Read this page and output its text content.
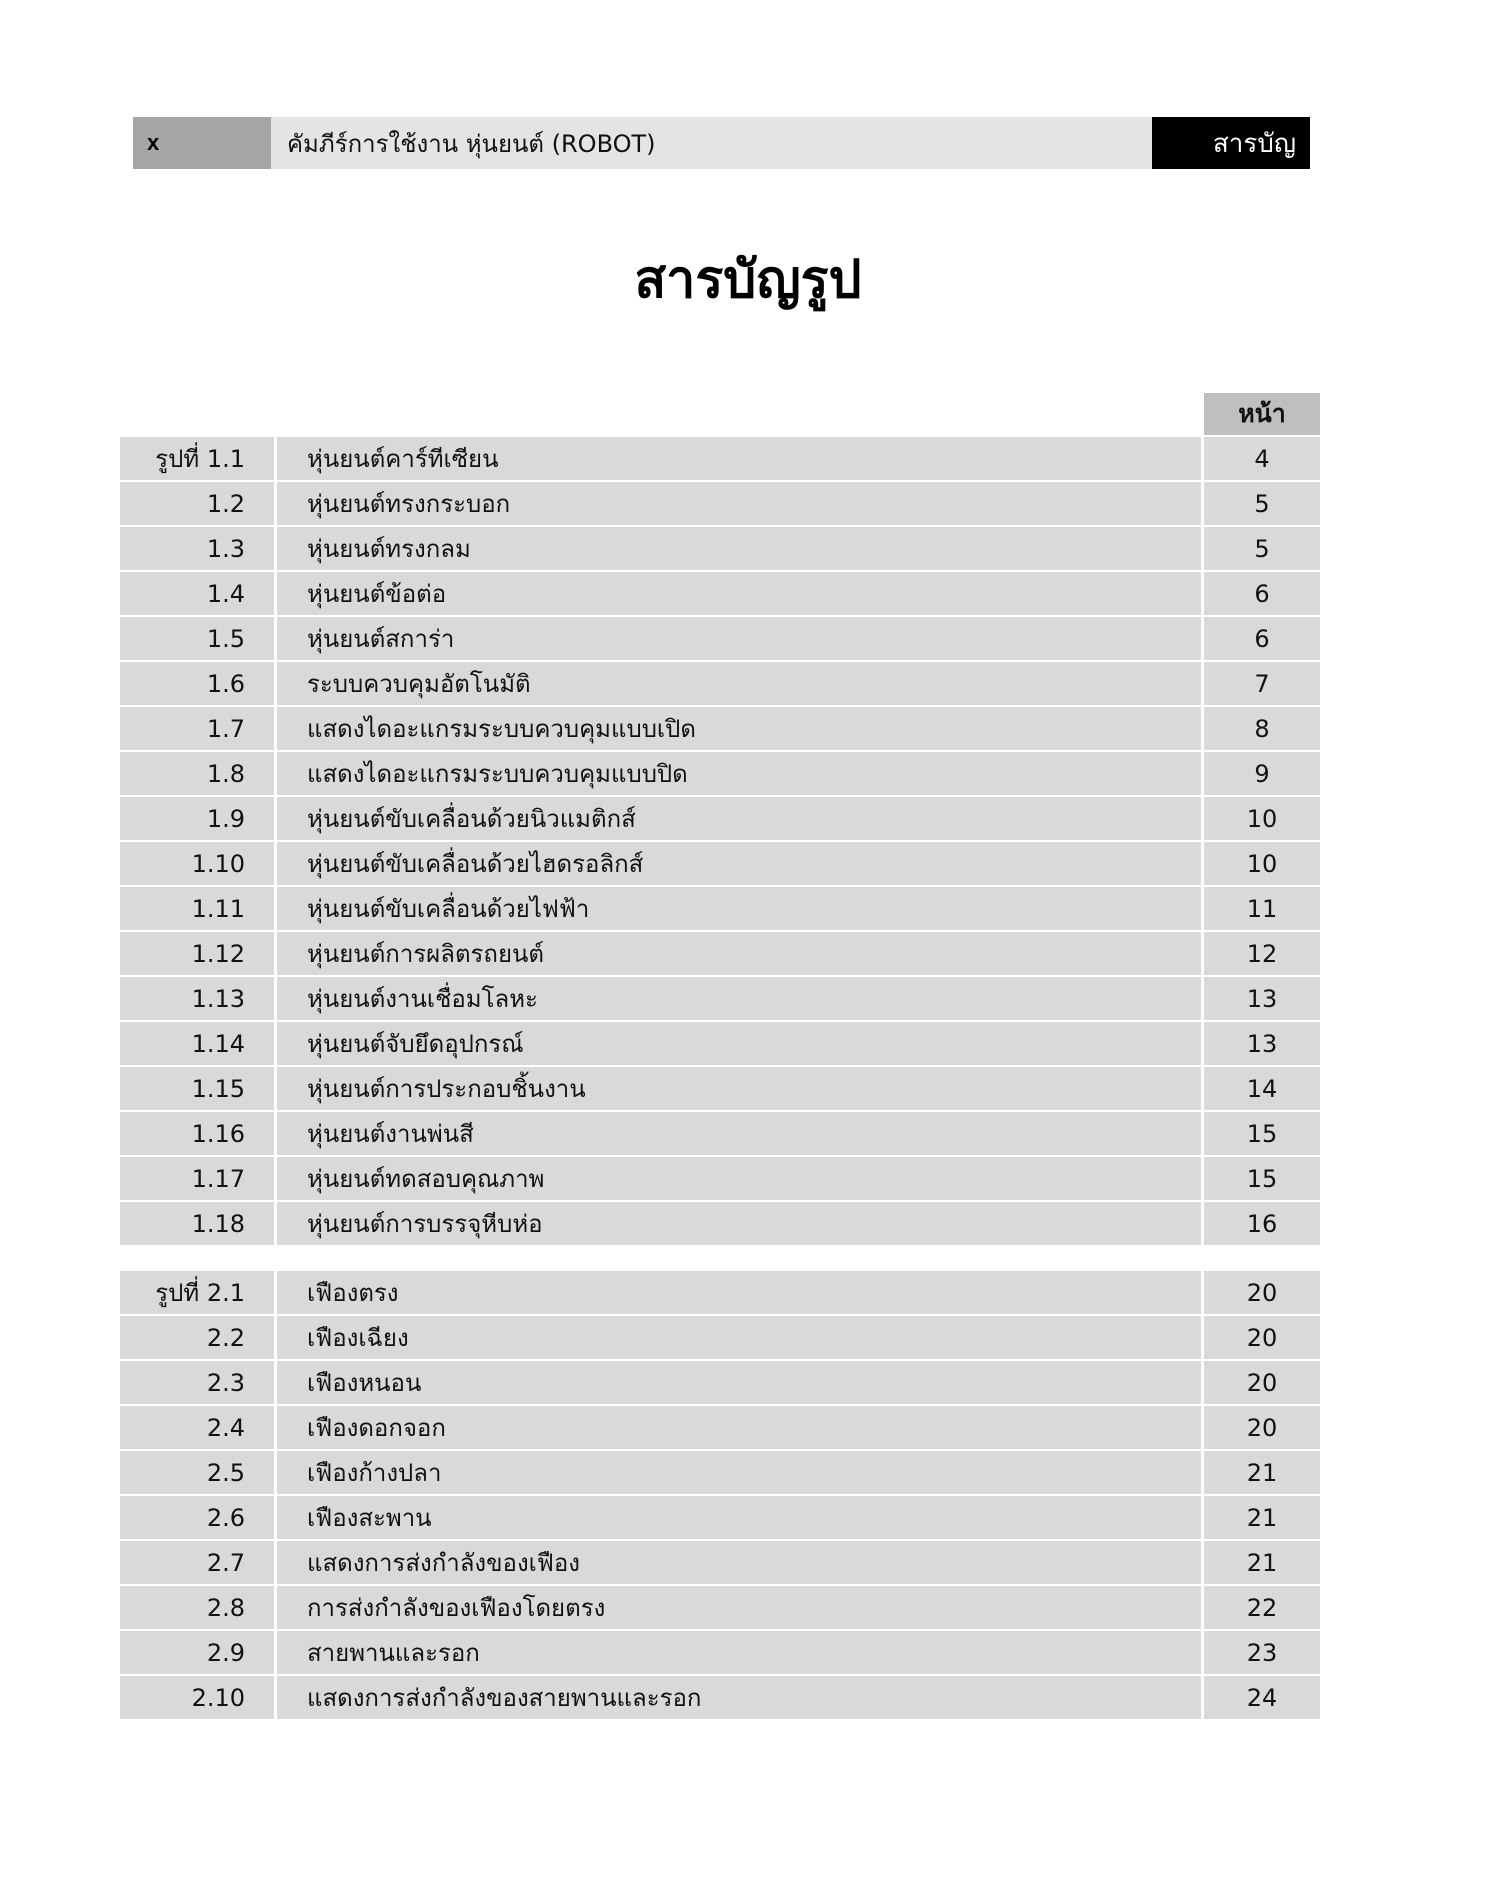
x	คัมภีร์การใช้งาน หุ่นยนต์ (ROBOT)	สารบัญ
สารบัญรูป
หน้า
รูปที่ 1.1	หุ่นยนต์คาร์ทีเซียน	4
1.2	หุ่นยนต์ทรงกระบอก	5
1.3	หุ่นยนต์ทรงกลม	5
1.4	หุ่นยนต์ข้อต่อ	6
1.5	หุ่นยนต์สการ่า	6
1.6	ระบบควบคุมอัตโนมัติ	7
1.7	แสดงไดอะแกรมระบบควบคุมแบบเปิด	8
1.8	แสดงไดอะแกรมระบบควบคุมแบบปิด	9
1.9	หุ่นยนต์ขับเคลื่อนด้วยนิวแมติกส์	10
1.10	หุ่นยนต์ขับเคลื่อนด้วยไฮดรอลิกส์	10
1.11	หุ่นยนต์ขับเคลื่อนด้วยไฟฟ้า	11
1.12	หุ่นยนต์การผลิตรถยนต์	12
1.13	หุ่นยนต์งานเชื่อมโลหะ	13
1.14	หุ่นยนต์จับยึดอุปกรณ์	13
1.15	หุ่นยนต์การประกอบชิ้นงาน	14
1.16	หุ่นยนต์งานพ่นสี	15
1.17	หุ่นยนต์ทดสอบคุณภาพ	15
1.18	หุ่นยนต์การบรรจุหีบห่อ	16
รูปที่ 2.1	เฟืองตรง	20
2.2	เฟืองเฉียง	20
2.3	เฟืองหนอน	20
2.4	เฟืองดอกจอก	20
2.5	เฟืองก้างปลา	21
2.6	เฟืองสะพาน	21
2.7	แสดงการส่งกำลังของเฟือง	21
2.8	การส่งกำลังของเฟืองโดยตรง	22
2.9	สายพานและรอก	23
2.10	แสดงการส่งกำลังของสายพานและรอก	24
